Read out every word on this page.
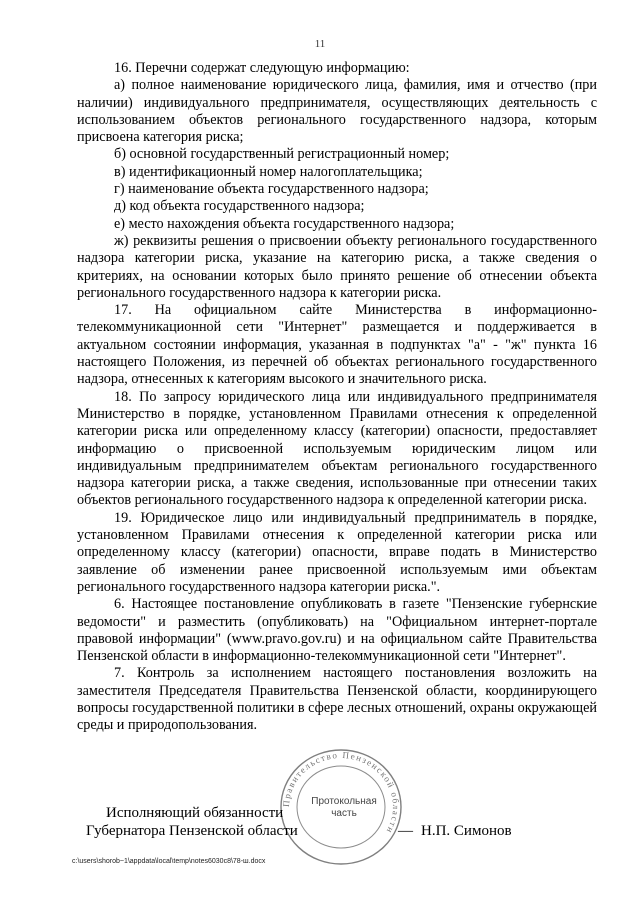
11

16. Перечни содержат следующую информацию:

а) полное наименование юридического лица, фамилия, имя и отчество (при наличии) индивидуального предпринимателя, осуществляющих деятельность с использованием объектов регионального государственного надзора, которым присвоена категория риска;

б) основной государственный регистрационный номер;

в) идентификационный номер налогоплательщика;

г) наименование объекта государственного надзора;

д) код объекта государственного надзора;

е) место нахождения объекта государственного надзора;

ж) реквизиты решения о присвоении объекту регионального государственного надзора категории риска, указание на категорию риска, а также сведения о критериях, на основании которых было принято решение об отнесении объекта регионального государственного надзора к категории риска.

17. На официальном сайте Министерства в информационно-телекоммуникационной сети "Интернет" размещается и поддерживается в актуальном состоянии информация, указанная в подпунктах "а" - "ж" пункта 16 настоящего Положения, из перечней об объектах регионального государственного надзора, отнесенных к категориям высокого и значительного риска.

18. По запросу юридического лица или индивидуального предпринимателя Министерство в порядке, установленном Правилами отнесения к определенной категории риска или определенному классу (категории) опасности, предоставляет информацию о присвоенной используемым юридическим лицом или индивидуальным предпринимателем объектам регионального государственного надзора категории риска, а также сведения, использованные при отнесении таких объектов регионального государственного надзора к определенной категории риска.

19. Юридическое лицо или индивидуальный предприниматель в порядке, установленном Правилами отнесения к определенной категории риска или определенному классу (категории) опасности, вправе подать в Министерство заявление об изменении ранее присвоенной используемым ими объектам регионального государственного надзора категории риска.".

6. Настоящее постановление опубликовать в газете "Пензенские губернские ведомости" и разместить (опубликовать) на "Официальном интернет-портале правовой информации" (www.pravo.gov.ru) и на официальном сайте Правительства Пензенской области в информационно-телекоммуникационной сети "Интернет".

7. Контроль за исполнением настоящего постановления возложить на заместителя Председателя Правительства Пензенской области, координирующего вопросы государственной политики в сфере лесных отношений, охраны окружающей среды и природопользования.

Правительство Пензенской области
Протокольная
часть
Исполняющий обязанности
Губернатора Пензенской области	— Н.П. Симонов
c:\users\shorob~1\appdata\local\temp\notes6030c8\78-ш.docx
